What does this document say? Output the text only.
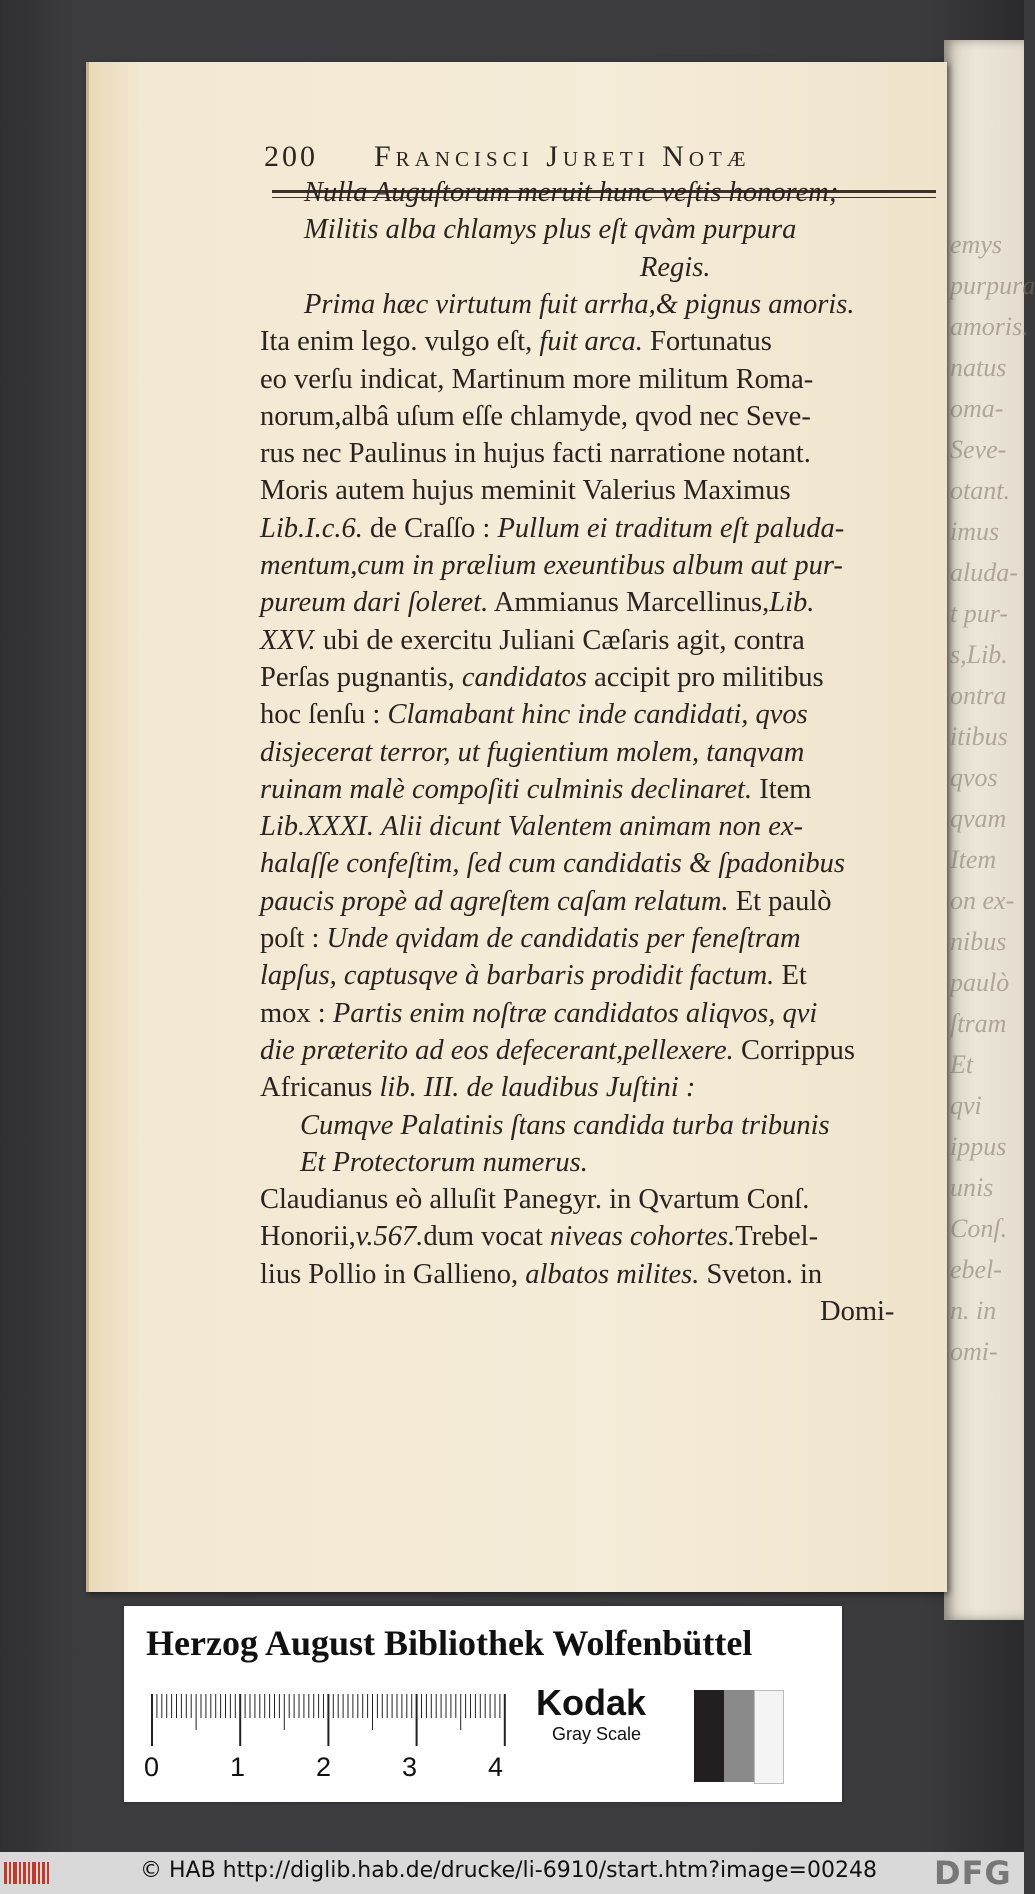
emys
purpura
amoris.
natus
oma-
Seve-
otant.
imus
aluda-
t pur-
s,Lib.
ontra
itibus
qvos
qvam
Item
on ex-
nibus
paulò
ſtram
Et
qvi
ippus
unis
Conſ.
ebel-
n. in
omi-
200 Francisci Jureti Notæ
Nulla Auguſtorum meruit hunc veſtis honorem;
Militis alba chlamys plus eſt qvàm purpura
Regis.
Prima hæc virtutum fuit arrha,& pignus amoris.
Ita enim lego. vulgo eſt, fuit arca. Fortunatus
eo verſu indicat, Martinum more militum Roma-
norum,albâ uſum eſſe chlamyde, qvod nec Seve-
rus nec Paulinus in hujus facti narratione notant.
Moris autem hujus meminit Valerius Maximus
Lib.I.c.6. de Craſſo : Pullum ei traditum eſt paluda-
mentum,cum in prælium exeuntibus album aut pur-
pureum dari ſoleret. Ammianus Marcellinus,Lib.
XXV. ubi de exercitu Juliani Cæſaris agit, contra
Perſas pugnantis, candidatos accipit pro militibus
hoc ſenſu : Clamabant hinc inde candidati, qvos
disjecerat terror, ut fugientium molem, tanqvam
ruinam malè compoſiti culminis declinaret. Item
Lib.XXXI. Alii dicunt Valentem animam non ex-
halaſſe confeſtim, ſed cum candidatis & ſpadonibus
paucis propè ad agreſtem caſam relatum. Et paulò
poſt : Unde qvidam de candidatis per feneſtram
lapſus, captusqve à barbaris prodidit factum. Et
mox : Partis enim noſtræ candidatos aliqvos, qvi
die præterito ad eos defecerant,pellexere. Corrippus
Africanus lib. III. de laudibus Juſtini :
Cumqve Palatinis ſtans candida turba tribunis
Et Protectorum numerus.
Claudianus eò alluſit Panegyr. in Qvartum Conſ.
Honorii,v.567.dum vocat niveas cohortes.Trebel-
lius Pollio in Gallieno, albatos milites. Sveton. in
Domi-
Herzog August Bibliothek Wolfenbüttel
0	1	2	3	4
Kodak
Gray Scale
© HAB http://diglib.hab.de/drucke/li-6910/start.htm?image=00248 DFG
